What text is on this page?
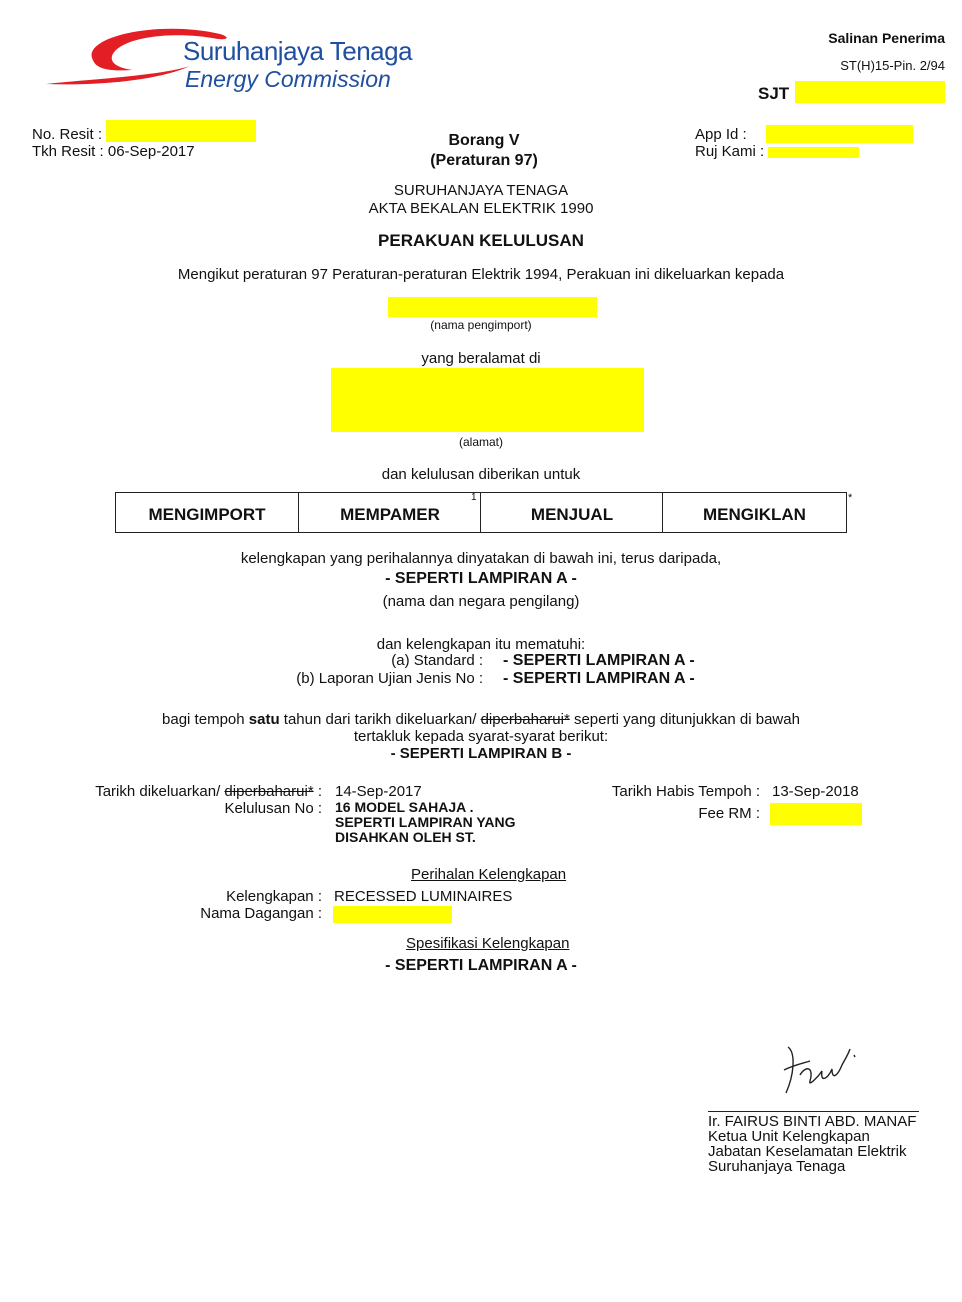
Suruhanjaya Tenaga
Energy Commission
Salinan Penerima
ST(H)15-Pin. 2/94
SJT
No. Resit :
Tkh Resit : 06-Sep-2017
Borang V
(Peraturan 97)
App Id :
Ruj Kami :
SURUHANJAYA TENAGA
AKTA BEKALAN ELEKTRIK 1990
PERAKUAN KELULUSAN
Mengikut peraturan 97 Peraturan-peraturan Elektrik 1994, Perakuan ini dikeluarkan kepada
(nama pengimport)
yang beralamat di
(alamat)
dan kelulusan diberikan untuk
MENGIMPORT	MEMPAMER
1
MENJUAL	MENGIKLAN
*
kelengkapan yang perihalannya dinyatakan di bawah ini, terus daripada,
- SEPERTI LAMPIRAN A -
(nama dan negara pengilang)
dan kelengkapan itu mematuhi:
(a) Standard : - SEPERTI LAMPIRAN A -
(b) Laporan Ujian Jenis No : - SEPERTI LAMPIRAN A -
bagi tempoh satu tahun dari tarikh dikeluarkan/ diperbaharui* seperti yang ditunjukkan di bawah
tertakluk kepada syarat-syarat berikut:
- SEPERTI LAMPIRAN B -
Tarikh dikeluarkan/ diperbaharui* : 14-Sep-2017
Kelulusan No : 16 MODEL SAHAJA .
SEPERTI LAMPIRAN YANG
DISAHKAN OLEH ST.
Tarikh Habis Tempoh : 13-Sep-2018
Fee RM :
Perihalan Kelengkapan
Kelengkapan : RECESSED LUMINAIRES
Nama Dagangan :
Spesifikasi Kelengkapan
- SEPERTI LAMPIRAN A -
Ir. FAIRUS BINTI ABD. MANAF
Ketua Unit Kelengkapan
Jabatan Keselamatan Elektrik
Suruhanjaya Tenaga
